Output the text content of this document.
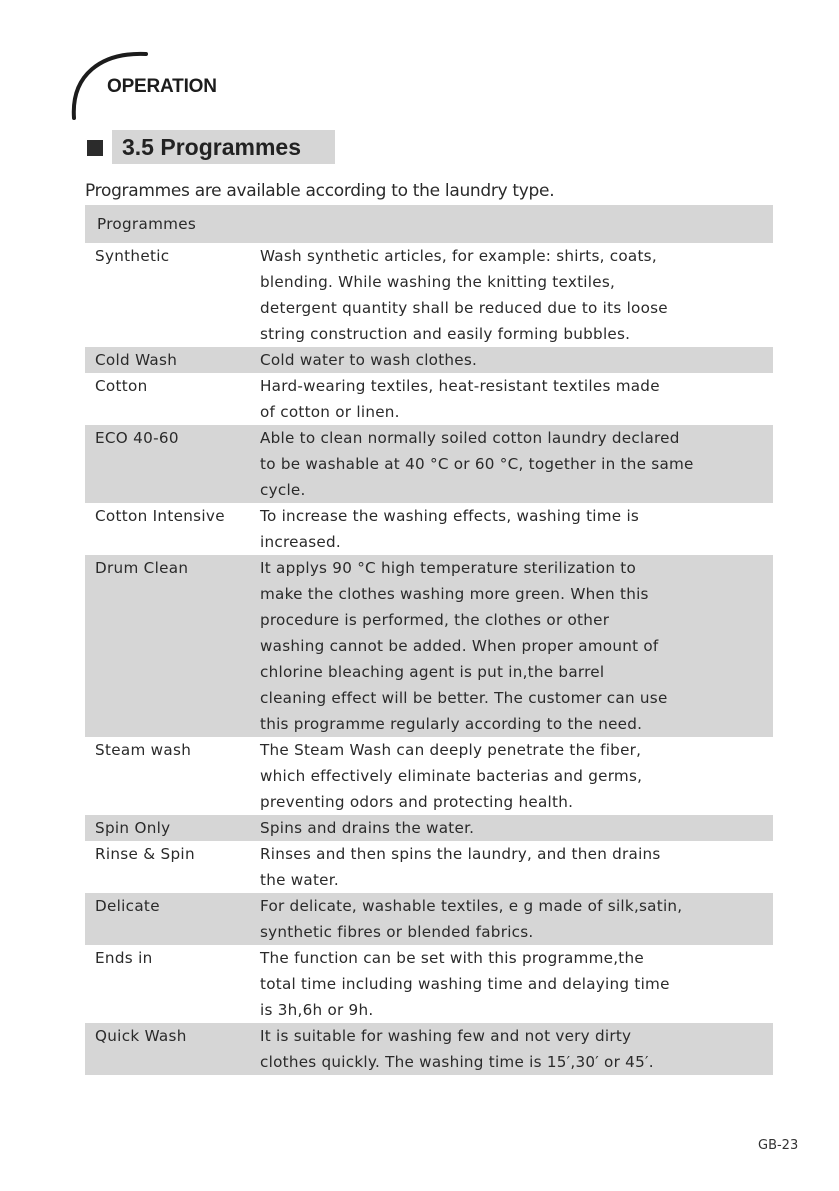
OPERATION
3.5 Programmes
Programmes are available according to the laundry type.
Programmes
Synthetic	Wash synthetic articles, for example: shirts, coats,
blending. While washing the knitting textiles,
detergent quantity shall be reduced due to its loose
string construction and easily forming bubbles.
Cold Wash	Cold water to wash clothes.
Cotton	Hard-wearing textiles, heat-resistant textiles made
of cotton or linen.
ECO 40-60	Able to clean normally soiled cotton laundry declared
to be washable at 40 °C or 60 °C, together in the same
cycle.
Cotton Intensive	To increase the washing effects, washing time is
increased.
Drum Clean	It applys 90 °C high temperature sterilization to
make the clothes washing more green. When this
procedure is performed, the clothes or other
washing cannot be added. When proper amount of
chlorine bleaching agent is put in,the barrel
cleaning effect will be better. The customer can use
this programme regularly according to the need.
Steam wash	The Steam Wash can deeply penetrate the fiber,
which effectively eliminate bacterias and germs,
preventing odors and protecting health.
Spin Only	Spins and drains the water.
Rinse & Spin	Rinses and then spins the laundry, and then drains
the water.
Delicate	For delicate, washable textiles, e g made of silk,satin,
synthetic fibres or blended fabrics.
Ends in	The function can be set with this programme,the
total time including washing time and delaying time
is 3h,6h or 9h.
Quick Wash	It is suitable for washing few and not very dirty
clothes quickly. The washing time is 15′,30′ or 45′.
GB-23
